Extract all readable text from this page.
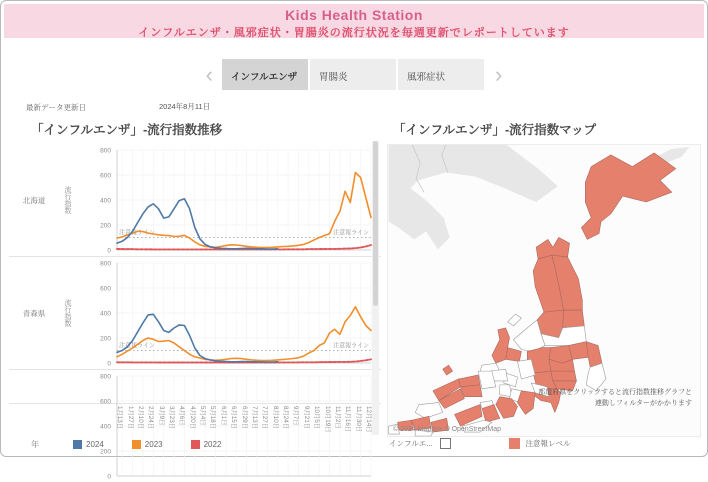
Kids Health Station
インフルエンザ・風邪症状・胃腸炎の流行状況を毎週更新でレポートしています
‹	インフルエンザ	胃腸炎	風邪症状	›
最新データ更新日	2024年8月11日
「インフルエンザ」-流行指数推移
北海道	流行指数
0
200
400
600
800
注意報ライン	注意報ライン
青森県	流行指数
0
200
400
600
800
注意報ライン	注意報ライン
0
200
400
600
800
1月13日 1月27日 2月10日 2月24日 3月9日 3月23日 4月6日 4月20日 5月4日 5月18日 6月1日 6月15日 6月29日 7月13日 7月27日 8月10日 8月24日 9月7日 9月21日 10月5日 10月19日 11月2日 11月16日 11月30日 12月14日
年	2024	2023	2022
「インフルエンザ」-流行指数マップ
都道府県をクリックすると流行指数推移グラフと
連動しフィルターがかかります
© 2024 Mapbox © OpenStreetMap
インフルエ...	注意報レベル
